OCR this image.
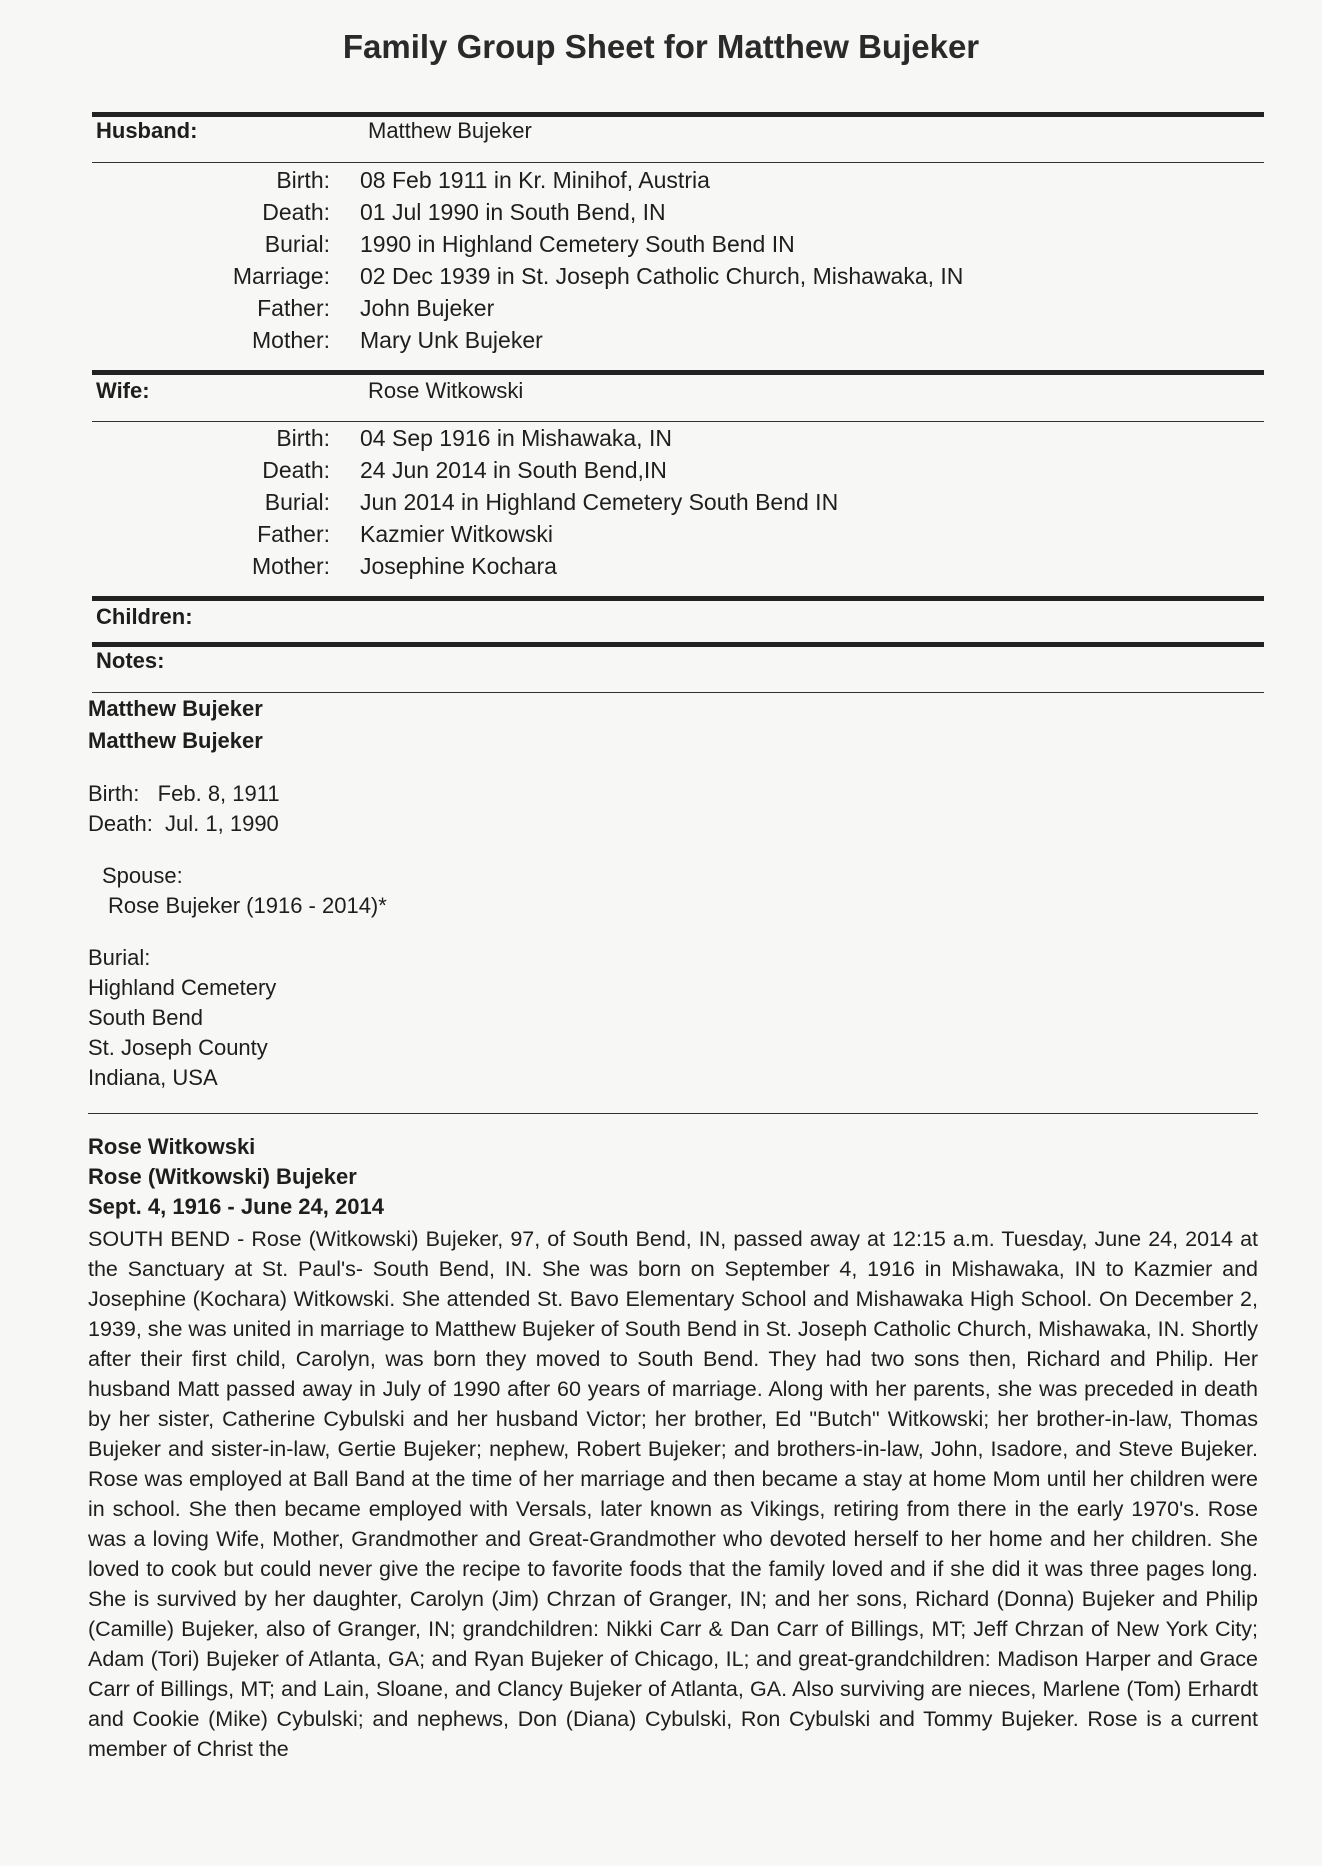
Family Group Sheet for Matthew Bujeker
Husband:	Matthew Bujeker
Birth:	08 Feb 1911 in Kr. Minihof, Austria
Death:	01 Jul 1990 in South Bend, IN
Burial:	1990 in Highland Cemetery South Bend IN
Marriage:	02 Dec 1939 in St. Joseph Catholic Church, Mishawaka, IN
Father:	John Bujeker
Mother:	Mary Unk Bujeker
Wife:	Rose Witkowski
Birth:	04 Sep 1916 in Mishawaka, IN
Death:	24 Jun 2014 in South Bend,IN
Burial:	Jun 2014 in Highland Cemetery South Bend IN
Father:	Kazmier Witkowski
Mother:	Josephine Kochara
Children:
Notes:
Matthew Bujeker
Matthew Bujeker
Birth:   Feb. 8, 1911
Death:  Jul. 1, 1990
Spouse:
Rose Bujeker (1916 - 2014)*
Burial:
Highland Cemetery
South Bend
St. Joseph County
Indiana, USA
Rose Witkowski
Rose (Witkowski) Bujeker
Sept. 4, 1916 - June 24, 2014
SOUTH BEND - Rose (Witkowski) Bujeker, 97, of South Bend, IN, passed away at 12:15 a.m. Tuesday, June 24, 2014 at the Sanctuary at St. Paul's- South Bend, IN. She was born on September 4, 1916 in Mishawaka, IN to Kazmier and Josephine (Kochara) Witkowski. She attended St. Bavo Elementary School and Mishawaka High School. On December 2, 1939, she was united in marriage to Matthew Bujeker of South Bend in St. Joseph Catholic Church, Mishawaka, IN. Shortly after their first child, Carolyn, was born they moved to South Bend. They had two sons then, Richard and Philip. Her husband Matt passed away in July of 1990 after 60 years of marriage. Along with her parents, she was preceded in death by her sister, Catherine Cybulski and her husband Victor; her brother, Ed "Butch" Witkowski; her brother-in-law, Thomas Bujeker and sister-in-law, Gertie Bujeker; nephew, Robert Bujeker; and brothers-in-law, John, Isadore, and Steve Bujeker. Rose was employed at Ball Band at the time of her marriage and then became a stay at home Mom until her children were in school. She then became employed with Versals, later known as Vikings, retiring from there in the early 1970's. Rose was a loving Wife, Mother, Grandmother and Great-Grandmother who devoted herself to her home and her children. She loved to cook but could never give the recipe to favorite foods that the family loved and if she did it was three pages long. She is survived by her daughter, Carolyn (Jim) Chrzan of Granger, IN; and her sons, Richard (Donna) Bujeker and Philip (Camille) Bujeker, also of Granger, IN; grandchildren: Nikki Carr & Dan Carr of Billings, MT; Jeff Chrzan of New York City; Adam (Tori) Bujeker of Atlanta, GA; and Ryan Bujeker of Chicago, IL; and great-grandchildren: Madison Harper and Grace Carr of Billings, MT; and Lain, Sloane, and Clancy Bujeker of Atlanta, GA. Also surviving are nieces, Marlene (Tom) Erhardt and Cookie (Mike) Cybulski; and nephews, Don (Diana) Cybulski, Ron Cybulski and Tommy Bujeker. Rose is a current member of Christ the
